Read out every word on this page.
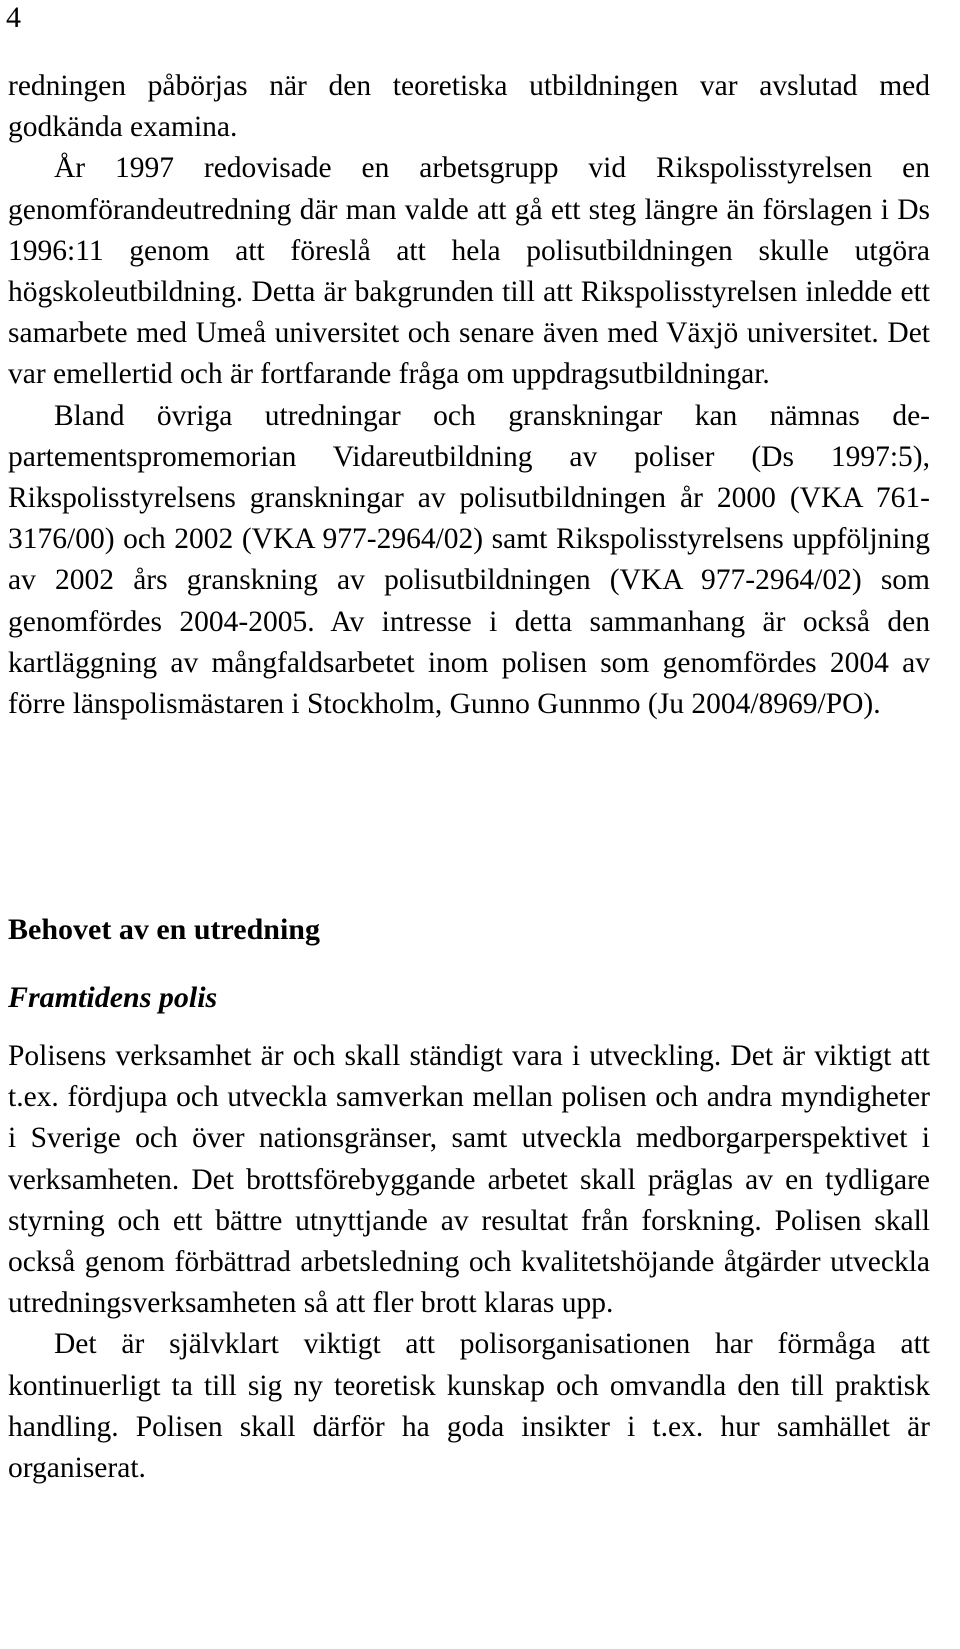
4

redningen påbörjas när den teoretiska utbildningen var avslutad med godkända examina.

År 1997 redovisade en arbetsgrupp vid Rikspolisstyrelsen en genomförandeutredning där man valde att gå ett steg längre än förslagen i Ds 1996:11 genom att föreslå att hela polisutbildningen skulle utgöra högskoleutbildning. Detta är bakgrunden till att Rikspolisstyrelsen inledde ett samarbete med Umeå universitet och senare även med Växjö universitet. Det var emellertid och är fortfarande fråga om uppdragsutbildningar.

Bland övriga utredningar och granskningar kan nämnas departementspromemorian Vidareutbildning av poliser (Ds 1997:5), Rikspolisstyrelsens granskningar av polisutbildningen år 2000 (VKA 761-3176/00) och 2002 (VKA 977-2964/02) samt Rikspolisstyrelsens uppföljning av 2002 års granskning av polisutbildningen (VKA 977-2964/02) som genomfördes 2004-2005. Av intresse i detta sammanhang är också den kartläggning av mångfaldsarbetet inom polisen som genomfördes 2004 av förre länspolismästaren i Stockholm, Gunno Gunnmo (Ju 2004/8969/PO).

Behovet av en utredning
Framtidens polis

Polisens verksamhet är och skall ständigt vara i utveckling. Det är viktigt att t.ex. fördjupa och utveckla samverkan mellan polisen och andra myndigheter i Sverige och över nationsgränser, samt utveckla medborgarperspektivet i verksamheten. Det brottsförebyggande arbetet skall präglas av en tydligare styrning och ett bättre utnyttjande av resultat från forskning. Polisen skall också genom förbättrad arbetsledning och kvalitetshöjande åtgärder utveckla utredningsverksamheten så att fler brott klaras upp.

Det är självklart viktigt att polisorganisationen har förmåga att kontinuerligt ta till sig ny teoretisk kunskap och omvandla den till praktisk handling. Polisen skall därför ha goda insikter i t.ex. hur samhället är organiserat.
